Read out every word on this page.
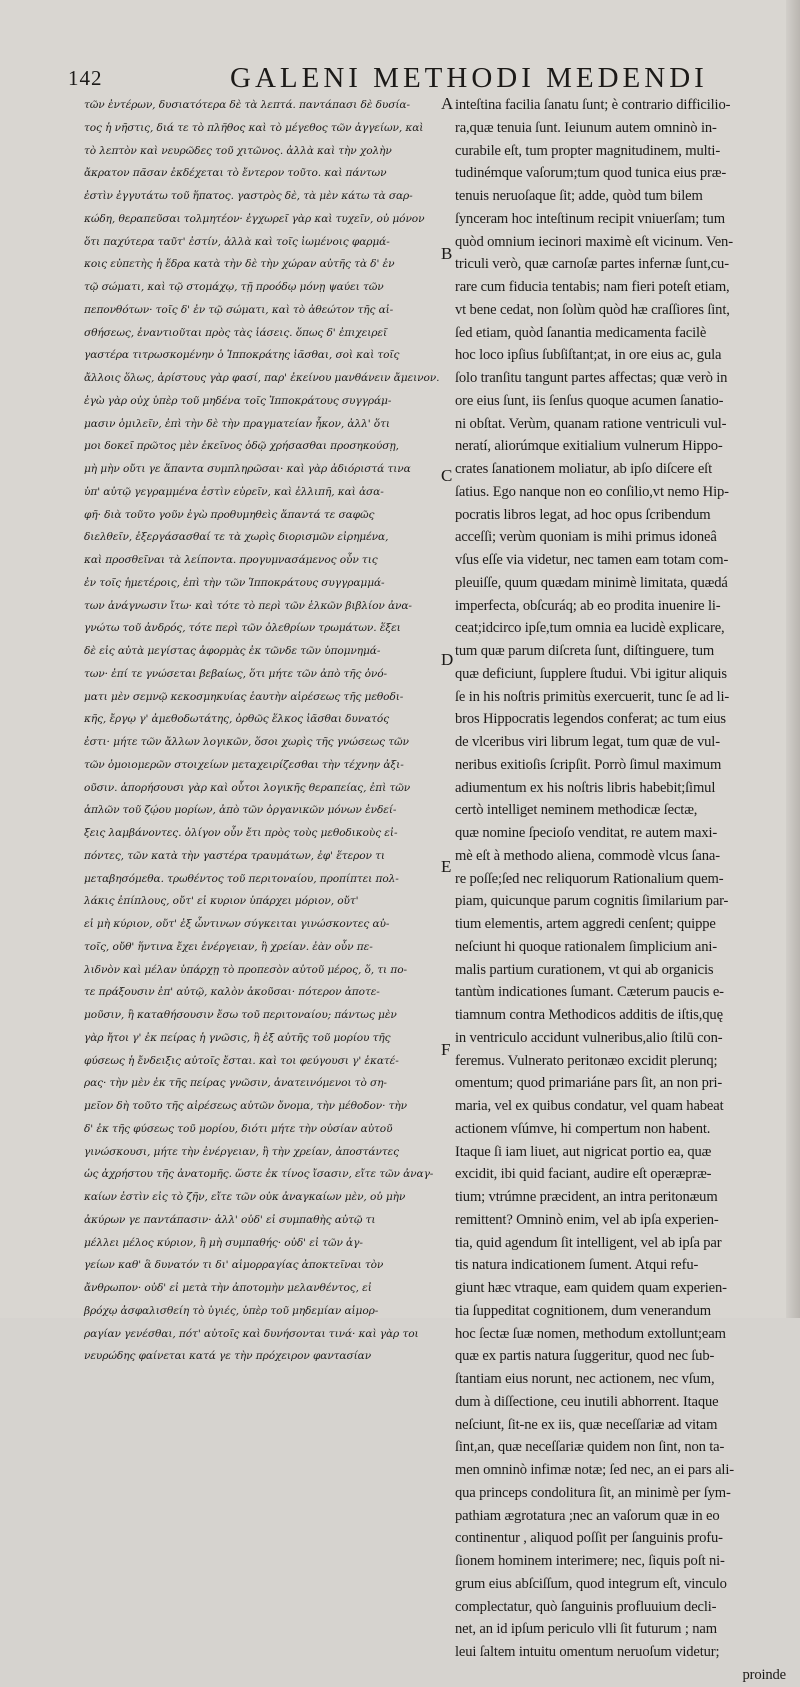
142	GALENI METHODI MEDENDI
τῶν ἐντέρων, δυσιατότερα δὲ τὰ λεπτά. παντάπασι δὲ δυσία-
τος ἡ νῆστις, διά τε τὸ πλῆθος καὶ τὸ μέγεθος τῶν ἀγγείων, καὶ
τὸ λεπτὸν καὶ νευρῶδες τοῦ χιτῶνος. ἀλλὰ καὶ τὴν χολὴν
ἄκρατον πᾶσαν ἐκδέχεται τὸ ἔντερον τοῦτο. καὶ πάντων
ἐστὶν ἐγγυτάτω τοῦ ἥπατος. γαστρὸς δὲ, τὰ μὲν κάτω τὰ σαρ-
κώδη, θεραπεῦσαι τολμητέον· ἐγχωρεῖ γὰρ καὶ τυχεῖν, οὐ μόνον
ὅτι παχύτερα ταῦτ' ἐστίν, ἀλλὰ καὶ τοῖς ἰωμένοις φαρμά-
κοις εὐπετὴς ἡ ἕδρα κατὰ τὴν δὲ τὴν χώραν αὐτῆς τὰ δ' ἐν
τῷ σώματι, καὶ τῷ στομάχῳ, τῇ προόδῳ μόνῃ ψαύει τῶν
πεπονθότων· τοῖς δ' ἐν τῷ σώματι, καὶ τὸ ἀθεώτον τῆς αἰ-
σθήσεως, ἐναντιοῦται πρὸς τὰς ἰάσεις. ὅπως δ' ἐπιχειρεῖ
γαστέρα τιτρωσκομένην ὁ Ἱπποκράτης ἰᾶσθαι, σοὶ καὶ τοῖς
ἄλλοις ὅλως, ἀρίστους γὰρ φασί, παρ' ἐκείνου μανθάνειν ἄμεινον.
ἐγὼ γὰρ οὐχ ὑπὲρ τοῦ μηδένα τοῖς Ἱπποκράτους συγγράμ-
μασιν ὁμιλεῖν, ἐπὶ τὴν δὲ τὴν πραγματείαν ἧκον, ἀλλ' ὅτι
μοι δοκεῖ πρῶτος μὲν ἐκεῖνος ὁδῷ χρήσασθαι προσηκούσῃ,
μὴ μὴν οὔτι γε ἅπαντα συμπληρῶσαι· καὶ γὰρ ἀδιόριστά τινα
ὑπ' αὐτῷ γεγραμμένα ἐστὶν εὑρεῖν, καὶ ἐλλιπῆ, καὶ ἀσα-
φῆ· διὰ τοῦτο γοῦν ἐγὼ προθυμηθεὶς ἅπαντά τε σαφῶς
διελθεῖν, ἐξεργάσασθαί τε τὰ χωρὶς διορισμῶν εἰρημένα,
καὶ προσθεῖναι τὰ λείποντα. προγυμνασάμενος οὖν τις
ἐν τοῖς ἡμετέροις, ἐπὶ τὴν τῶν Ἱπποκράτους συγγραμμά-
των ἀνάγνωσιν ἴτω· καὶ τότε τὸ περὶ τῶν ἑλκῶν βιβλίον ἀνα-
γνώτω τοῦ ἀνδρός, τότε περὶ τῶν ὀλεθρίων τρωμάτων. ἕξει
δὲ εἰς αὐτὰ μεγίστας ἀφορμὰς ἐκ τῶνδε τῶν ὑπομνημά-
των· ἐπί τε γνώσεται βεβαίως, ὅτι μήτε τῶν ἀπὸ τῆς ὀνό-
ματι μὲν σεμνῷ κεκοσμηκυίας ἑαυτὴν αἱρέσεως τῆς μεθοδι-
κῆς, ἔργῳ γ' ἀμεθοδωτάτης, ὀρθῶς ἕλκος ἰᾶσθαι δυνατός
ἐστι· μήτε τῶν ἄλλων λογικῶν, ὅσοι χωρὶς τῆς γνώσεως τῶν
τῶν ὁμοιομερῶν στοιχείων μεταχειρίζεσθαι τὴν τέχνην ἀξι-
οῦσιν. ἀπορήσουσι γὰρ καὶ οὗτοι λογικῆς θεραπείας, ἐπὶ τῶν
ἁπλῶν τοῦ ζῴου μορίων, ἀπὸ τῶν ὀργανικῶν μόνων ἐνδεί-
ξεις λαμβάνοντες. ὀλίγον οὖν ἔτι πρὸς τοὺς μεθοδικοὺς εἰ-
πόντες, τῶν κατὰ τὴν γαστέρα τραυμάτων, ἐφ' ἕτερον τι
μεταβησόμεθα. τρωθέντος τοῦ περιτοναίου, προπίπτει πολ-
λάκις ἐπίπλους, οὔτ' εἰ κυριον ὑπάρχει μόριον, οὔτ'
εἰ μὴ κύριον, οὔτ' ἐξ ὧντινων σύγκειται γινώσκοντες αὐ-
τοῖς, οὔθ' ἥντινα ἔχει ἐνέργειαν, ἢ χρείαν. ἐὰν οὖν πε-
λιδνὸν καὶ μέλαν ὑπάρχῃ τὸ προπεσὸν αὐτοῦ μέρος, ὅ, τι πο-
τε πράξουσιν ἐπ' αὐτῷ, καλὸν ἀκοῦσαι· πότερον ἀποτε-
μοῦσιν, ἢ καταθήσουσιν ἔσω τοῦ περιτοναίου; πάντως μὲν
γὰρ ἤτοι γ' ἐκ πείρας ἡ γνῶσις, ἢ ἐξ αὐτῆς τοῦ μορίου τῆς
φύσεως ἡ ἔνδειξις αὐτοῖς ἔσται. καὶ τοι φεύγουσι γ' ἑκατέ-
ρας· τὴν μὲν ἐκ τῆς πείρας γνῶσιν, ἀνατεινόμενοι τὸ ση-
μεῖον δὴ τοῦτο τῆς αἱρέσεως αὐτῶν ὄνομα, τὴν μέθοδον· τὴν
δ' ἐκ τῆς φύσεως τοῦ μορίου, διότι μήτε τὴν οὐσίαν αὐτοῦ
γινώσκουσι, μήτε τὴν ἐνέργειαν, ἢ τὴν χρείαν, ἀποστάντες
ὡς ἀχρήστου τῆς ἀνατομῆς. ὥστε ἐκ τίνος ἴσασιν, εἴτε τῶν ἀναγ-
καίων ἐστὶν εἰς τὸ ζῆν, εἴτε τῶν οὐκ ἀναγκαίων μὲν, οὐ μὴν
ἀκύρων γε παντάπασιν· ἀλλ' οὐδ' εἰ συμπαθὴς αὐτῷ τι
μέλλει μέλος κύριον, ἢ μὴ συμπαθής· οὐδ' εἰ τῶν ἀγ-
γείων καθ' ἃ δυνατόν τι δι' αἱμορραγίας ἀποκτεῖναι τὸν
ἄνθρωπον· οὐδ' εἰ μετὰ τὴν ἀποτομὴν μελανθέντος, εἰ
βρόχῳ ἀσφαλισθείη τὸ ὑγιές, ὑπὲρ τοῦ μηδεμίαν αἱμορ-
ραγίαν γενέσθαι, πότ' αὐτοῖς καὶ δυνήσονται τινά· καὶ γὰρ τοι
νευρώδης φαίνεται κατά γε τὴν πρόχειρον φαντασίαν
inteſtina facilia ſanatu ſunt; è contrario difficilio-
ra,quæ tenuia ſunt. Ieiunum autem omninò in-
curabile eſt, tum propter magnitudinem, multi-
tudinémque vaſorum;tum quod tunica eius præ-
tenuis neruoſaque ſit; adde, quòd tum bilem
ſynceram hoc inteſtinum recipit vniuerſam; tum
quòd omnium iecinori maximè eſt vicinum. Ven-
triculi verò, quæ carnoſæ partes infernæ ſunt,cu-
rare cum fiducia tentabis; nam fieri poteſt etiam,
vt bene cedat, non ſolùm quòd hæ craſſiores ſint,
ſed etiam, quòd ſanantia medicamenta facilè
hoc loco ipſius ſubſiſtant;at, in ore eius ac, gula
ſolo tranſitu tangunt partes affectas; quæ verò in
ore eius ſunt, iis ſenſus quoque acumen ſanatio-
ni obſtat. Verùm, quanam ratione ventriculi vul-
neratí, aliorúmque exitialium vulnerum Hippo-
crates ſanationem moliatur, ab ipſo diſcere eſt
ſatius. Ego nanque non eo conſilio,vt nemo Hip-
pocratis libros legat, ad hoc opus ſcribendum
acceſſi; verùm quoniam is mihi primus idoneâ
vſus eſſe via videtur, nec tamen eam totam com-
pleuiſſe, quum quædam minimè limitata, quædá
imperfecta, obſcuráq; ab eo prodita inuenire li-
ceat;idcirco ipſe,tum omnia ea lucidè explicare,
tum quæ parum diſcreta ſunt, diſtinguere, tum
quæ deficiunt, ſupplere ſtudui. Vbi igitur aliquis
ſe in his noſtris primitùs exercuerit, tunc ſe ad li-
bros Hippocratis legendos conferat; ac tum eius
de vlceribus viri librum legat, tum quæ de vul-
neribus exitioſis ſcripſit. Porrò ſimul maximum
adiumentum ex his noſtris libris habebit;ſimul
certò intelliget neminem methodicæ ſectæ,
quæ nomine ſpecioſo venditat, re autem maxi-
mè eſt à methodo aliena, commodè vlcus ſana-
re poſſe;ſed nec reliquorum Rationalium quem-
piam, quicunque parum cognitis ſimilarium par-
tium elementis, artem aggredi cenſent; quippe
neſciunt hi quoque rationalem ſimplicium ani-
malis partium curationem, vt qui ab organicis
tantùm indicationes ſumant. Cæterum paucis e-
tiamnum contra Methodicos additis de iſtis,quę
in ventriculo accidunt vulneribus,alio ſtilū con-
feremus. Vulnerato peritonæo excidit plerunq;
omentum; quod primariáne pars ſit, an non pri-
maria, vel ex quibus condatur, vel quam habeat
actionem vſúmve, hi compertum non habent.
Itaque ſi iam liuet, aut nigricat portio ea, quæ
excidit, ibi quid faciant, audire eſt operæpræ-
tium; vtrúmne præcident, an intra peritonæum
remittent? Omninò enim, vel ab ipſa experien-
tia, quid agendum ſit intelligent, vel ab ipſa par
tis natura indicationem ſument. Atqui refu-
giunt hæc vtraque, eam quidem quam experien-
tia ſuppeditat cognitionem, dum venerandum
hoc ſectæ ſuæ nomen, methodum extollunt;eam
quæ ex partis natura ſuggeritur, quod nec ſub-
ſtantiam eius norunt, nec actionem, nec vſum,
dum à diſſectione, ceu inutili abhorrent. Itaque
neſciunt, ſit-ne ex iis, quæ neceſſariæ ad vitam
ſint,an, quæ neceſſariæ quidem non ſint, non ta-
men omninò infimæ notæ; ſed nec, an ei pars ali-
qua princeps condolitura ſit, an minimè per ſym-
pathiam ægrotatura ;nec an vaſorum quæ in eo
continentur , aliquod poſſit per ſanguinis profu-
ſionem hominem interimere; nec, ſiquis poſt ni-
grum eius abſciſſum, quod integrum eſt, vinculo
complectatur, quò ſanguinis profluuium decli-
net, an id ipſum periculo vlli ſit futurum ; nam
leui ſaltem intuitu omentum neruoſum videtur;
proinde
A
B
C
D
E
F
